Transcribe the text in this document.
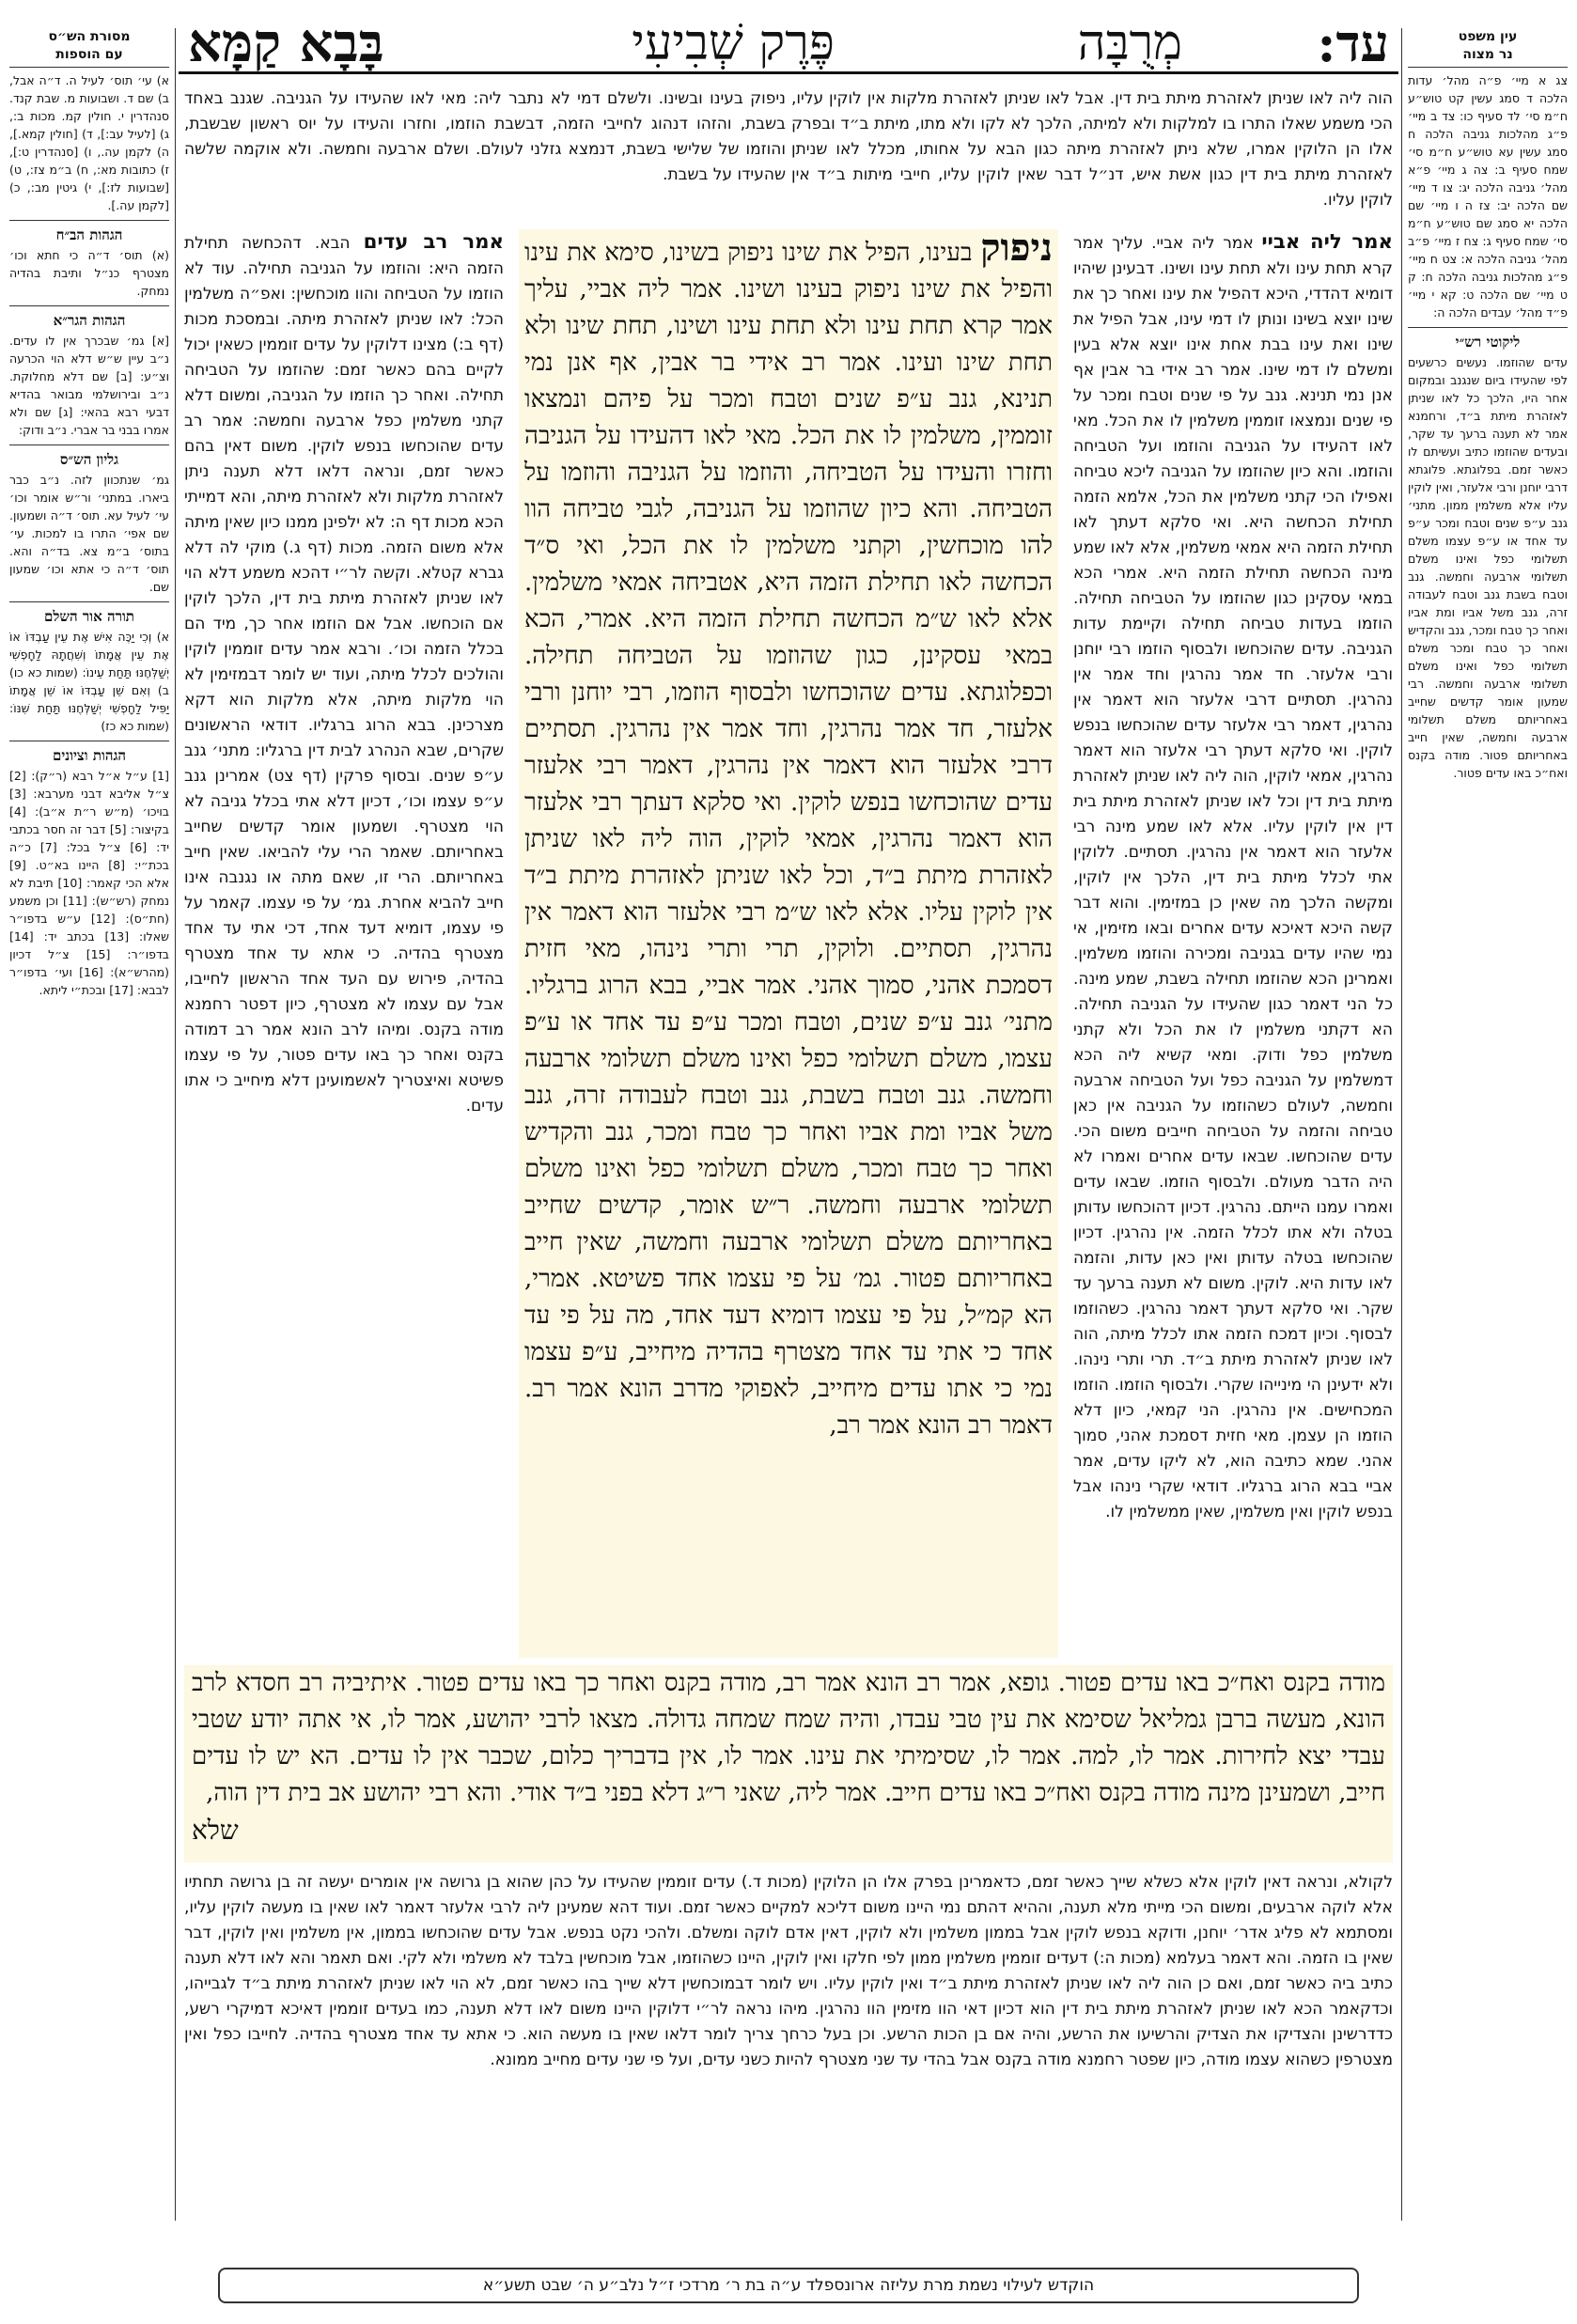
עד:
מְרֻבָּה
פֶּרֶק שְׁבִיעִי
בָּבָא קַמָּא	עין משפט
נר מצוה
צג א מיי׳ פ״ה מהל׳ עדות הלכה ד סמג עשין קט טוש״ע ח״מ סי׳ לד סעיף כו: צד ב מיי׳ פ״ג מהלכות גניבה הלכה ח סמג עשין עא טוש״ע ח״מ סי׳ שמח סעיף ב: צה ג מיי׳ פ״א מהל׳ גניבה הלכה יג: צו ד מיי׳ שם הלכה יב: צז ה ו מיי׳ שם הלכה יא סמג שם טוש״ע ח״מ סי׳ שמח סעיף ג: צח ז מיי׳ פ״ב מהל׳ גניבה הלכה א: צט ח מיי׳ פ״ג מהלכות גניבה הלכה ח: ק ט מיי׳ שם הלכה ט: קא י מיי׳ פ״ד מהל׳ עבדים הלכה ה:
ליקוטי רש״י
עדים שהוזמו. נעשים כרשעים לפי שהעידו ביום שנגנב ובמקום אחר היו, הלכך כל לאו שניתן לאזהרת מיתת ב״ד, ורחמנא אמר לא תענה ברעך עד שקר, ובעדים שהוזמו כתיב ועשיתם לו כאשר זמם. בפלוגתא. פלוגתא דרבי יוחנן ורבי אלעזר, ואין לוקין עליו אלא משלמין ממון. מתני׳ גנב ע״פ שנים וטבח ומכר ע״פ עד אחד או ע״פ עצמו משלם תשלומי כפל ואינו משלם תשלומי ארבעה וחמשה. גנב וטבח בשבת גנב וטבח לעבודה זרה, גנב משל אביו ומת אביו ואחר כך טבח ומכר, גנב והקדיש ואחר כך טבח ומכר משלם תשלומי כפל ואינו משלם תשלומי ארבעה וחמשה. רבי שמעון אומר קדשים שחייב באחריותם משלם תשלומי ארבעה וחמשה, שאין חייב באחריותם פטור. מודה בקנס ואח״כ באו עדים פטור.
מסורת הש״ס
עם הוספות
א) עי׳ תוס׳ לעיל ה. ד״ה אבל, ב) שם ד. ושבועות מ. שבת קנד. סנהדרין י. חולין קמ. מכות ב:, ג) [לעיל עב:], ד) [חולין קמא.], ה) לקמן עה., ו) [סנהדרין ט:], ז) כתובות מא:, ח) ב״מ צז:, ט) [שבועות לז:], י) גיטין מב:, כ) [לקמן עה.].
הגהות הב״ח
(א) תוס׳ ד״ה כי חתא וכו׳ מצטרף כנ״ל ותיבת בהדיה נמחק.
הגהות הגר״א
[א] גמ׳ שבכרך אין לו עדים. נ״ב עיין ש״ש דלא הוי הכרעה וצ״ע: [ב] שם דלא מחלוקת. נ״ב ובירושלמי מבואר בהדיא דבעי רבא בהאי: [ג] שם ולא אמרו בבני בר אברי. נ״ב ודוק:
גליון הש״ס
גמ׳ שנתכוון לזה. נ״ב כבר ביארו. במתני׳ ור״ש אומר וכו׳ עי׳ לעיל עא. תוס׳ ד״ה ושמעון. שם אפי׳ התרו בו למכות. עי׳ בתוס׳ ב״מ צא. בד״ה והא. תוס׳ ד״ה כי אתא וכו׳ שמעון שם.
תורה אור השלם
א) וְכִי יַכֶּה אִישׁ אֶת עֵין עַבְדּוֹ אוֹ אֶת עֵין אֲמָתוֹ וְשִׁחֲתָהּ לַחָפְשִׁי יְשַׁלְּחֶנּוּ תַּחַת עֵינוֹ: (שמות כא כו) ב) וְאִם שֵׁן עַבְדּוֹ אוֹ שֵׁן אֲמָתוֹ יַפִּיל לַחָפְשִׁי יְשַׁלְּחֶנּוּ תַּחַת שִׁנּוֹ: (שמות כא כז)
הגהות וציונים
[1] ע״ל א״ל רבא (ר״ק): [2] צ״ל אליבא דבני מערבא: [3] בויכו׳ (מ״ש ר״ת א״ב): [4] בקיצור: [5] דבר זה חסר בכתבי יד: [6] צ״ל בכל: [7] כ״ה בכת״י: [8] היינו בא״ט. [9] אלא הכי קאמר: [10] תיבת לא נמחק (רש״ש): [11] וכן משמע (חת״ס): [12] ע״ש בדפו״ר שאלו: [13] בכתב יד: [14] בדפו״ר: [15] צ״ל דכיון (מהרש״א): [16] ועי׳ בדפו״ר לבבא: [17] ובכת״י ליתא.
הוה ליה לאו שניתן לאזהרת מיתת בית דין. אבל לאו שניתן לאזהרת מלקות אין לוקין עליו, הכי משמע שאלו התרו בו למלקות ולא למיתה, הלכך לא לקו ולא מתו, מיתת ב״ד ובפרק אלו הן הלוקין אמרו, שלא ניתן לאזהרת מיתה כגון הבא על אחותו, מכלל לאו שניתן לאזהרת מיתת בית דין כגון אשת איש, דנ״ל דבר שאין לוקין עליו, חייבי מיתות ב״ד אין לוקין עליו.
ניפוק בעינו ובשינו. ולשלם דמי לא נתבר ליה: מאי לאו שהעידו על הגניבה. שגנב באחד בשבת, והזהו דנהוג לחייבי הזמה, דבשבת הוזמו, וחזרו והעידו על יוס ראשון שבשבת, והוזמו של שלישי בשבת, דנמצא גזלני לעולם. ושלם ארבעה וחמשה. ולא אוקמה שלשה שהעידו על בשבת.
אמר ליה אביי אמר ליה אביי. עליך אמר קרא תחת עינו ולא תחת עינו ושינו. דבעינן שיהיו דומיא דהדדי, היכא דהפיל את עינו ואחר כך את שינו יוצא בשינו ונותן לו דמי עינו, אבל הפיל את שינו ואת עינו בבת אחת אינו יוצא אלא בעין ומשלם לו דמי שינו. אמר רב אידי בר אבין אף אנן נמי תנינא. גנב על פי שנים וטבח ומכר על פי שנים ונמצאו זוממין משלמין לו את הכל. מאי לאו דהעידו על הגניבה והוזמו ועל הטביחה והוזמו. והא כיון שהוזמו על הגניבה ליכא טביחה ואפילו הכי קתני משלמין את הכל, אלמא הזמה תחילת הכחשה היא. ואי סלקא דעתך לאו תחילת הזמה היא אמאי משלמין, אלא לאו שמע מינה הכחשה תחילת הזמה היא. אמרי הכא במאי עסקינן כגון שהוזמו על הטביחה תחילה. הוזמו בעדות טביחה תחילה וקיימת עדות הגניבה. עדים שהוכחשו ולבסוף הוזמו רבי יוחנן ורבי אלעזר. חד אמר נהרגין וחד אמר אין נהרגין. תסתיים דרבי אלעזר הוא דאמר אין נהרגין, דאמר רבי אלעזר עדים שהוכחשו בנפש לוקין. ואי סלקא דעתך רבי אלעזר הוא דאמר נהרגין, אמאי לוקין, הוה ליה לאו שניתן לאזהרת מיתת בית דין וכל לאו שניתן לאזהרת מיתת בית דין אין לוקין עליו. אלא לאו שמע מינה רבי אלעזר הוא דאמר אין נהרגין. תסתיים. ללוקין אתי לכלל מיתת בית דין, הלכך אין לוקין, ומקשה הלכך מה שאין כן במזימין. והוא דבר קשה היכא דאיכא עדים אחרים ובאו מזימין, אי נמי שהיו עדים בגניבה ומכירה והוזמו משלמין. ואמרינן הכא שהוזמו תחילה בשבת, שמע מינה. כל הני דאמר כגון שהעידו על הגניבה תחילה. הא דקתני משלמין לו את הכל ולא קתני משלמין כפל ודוק. ומאי קשיא ליה הכא דמשלמין על הגניבה כפל ועל הטביחה ארבעה וחמשה, לעולם כשהוזמו על הגניבה אין כאן טביחה והזמה על הטביחה חייבים משום הכי. עדים שהוכחשו. שבאו עדים אחרים ואמרו לא היה הדבר מעולם. ולבסוף הוזמו. שבאו עדים ואמרו עמנו הייתם. נהרגין. דכיון דהוכחשו עדותן בטלה ולא אתו לכלל הזמה. אין נהרגין. דכיון שהוכחשו בטלה עדותן ואין כאן עדות, והזמה לאו עדות היא. לוקין. משום לא תענה ברעך עד שקר. ואי סלקא דעתך דאמר נהרגין. כשהוזמו לבסוף. וכיון דמכח הזמה אתו לכלל מיתה, הוה לאו שניתן לאזהרת מיתת ב״ד. תרי ותרי נינהו. ולא ידעינן הי מינייהו שקרי. ולבסוף הוזמו. הוזמו המכחישים. אין נהרגין. הני קמאי, כיון דלא הוזמו הן עצמן. מאי חזית דסמכת אהני, סמוך אהני. שמא כתיבה הוא, לא ליקו עדים, אמר אביי בבא הרוג ברגליו. דודאי שקרי נינהו אבל בנפש לוקין ואין משלמין, שאין ממשלמין לו.
אמר רב עדים הבא. דהכחשה תחילת הזמה היא: והוזמו על הגניבה תחילה. עוד לא הוזמו על הטביחה והוו מוכחשין: ואפ״ה משלמין הכל: לאו שניתן לאזהרת מיתה. ובמסכת מכות (דף ב:) מצינו דלוקין על עדים זוממין כשאין יכול לקיים בהם כאשר זמם: שהוזמו על הטביחה תחילה. ואחר כך הוזמו על הגניבה, ומשום דלא קתני משלמין כפל ארבעה וחמשה: אמר רב עדים שהוכחשו בנפש לוקין. משום דאין בהם כאשר זמם, ונראה דלאו דלא תענה ניתן לאזהרת מלקות ולא לאזהרת מיתה, והא דמייתי הכא מכות דף ה: לא ילפינן ממנו כיון שאין מיתה אלא משום הזמה. מכות (דף ג.) מוקי לה דלא גברא קטלא. וקשה לר״י דהכא משמע דלא הוי לאו שניתן לאזהרת מיתת בית דין, הלכך לוקין אם הוכחשו. אבל אם הוזמו אחר כך, מיד הם בכלל הזמה וכו׳. ורבא אמר עדים זוממין לוקין והולכים לכלל מיתה, ועוד יש לומר דבמזימין לא הוי מלקות מיתה, אלא מלקות הוא דקא מצרכינן. בבא הרוג ברגליו. דודאי הראשונים שקרים, שבא הנהרג לבית דין ברגליו: מתני׳ גנב ע״פ שנים. ובסוף פרקין (דף צט) אמרינן גנב ע״פ עצמו וכו׳, דכיון דלא אתי בכלל גניבה לא הוי מצטרף. ושמעון אומר קדשים שחייב באחריותם. שאמר הרי עלי להביאו. שאין חייב באחריותם. הרי זו, שאם מתה או נגנבה אינו חייב להביא אחרת. גמ׳ על פי עצמו. קאמר על פי עצמו, דומיא דעד אחד, דכי אתי עד אחד מצטרף בהדיה. כי אתא עד אחד מצטרף בהדיה, פירוש עם העד אחד הראשון לחייבו, אבל עם עצמו לא מצטרף, כיון דפטר רחמנא מודה בקנס. ומיהו לרב הונא אמר רב דמודה בקנס ואחר כך באו עדים פטור, על פי עצמו פשיטא ואיצטריך לאשמועינן דלא מיחייב כי אתו עדים.
ניפוק בעינו, הפיל את שינו ניפוק בשינו, סימא את עינו והפיל את שינו ניפוק בעינו ושינו. אמר ליה אביי, עליך אמר קרא תחת עינו ולא תחת עינו ושינו, תחת שינו ולא תחת שינו ועינו. אמר רב אידי בר אבין, אף אנן נמי תנינא, גנב ע״פ שנים וטבח ומכר על פיהם ונמצאו זוממין, משלמין לו את הכל. מאי לאו דהעידו על הגניבה וחזרו והעידו על הטביחה, והוזמו על הגניבה והוזמו על הטביחה. והא כיון שהוזמו על הגניבה, לגבי טביחה הוו להו מוכחשין, וקתני משלמין לו את הכל, ואי ס״ד הכחשה לאו תחילת הזמה היא, אטביחה אמאי משלמין. אלא לאו ש״מ הכחשה תחילת הזמה היא. אמרי, הכא במאי עסקינן, כגון שהוזמו על הטביחה תחילה. וכפלוגתא. עדים שהוכחשו ולבסוף הוזמו, רבי יוחנן ורבי אלעזר, חד אמר נהרגין, וחד אמר אין נהרגין. תסתיים דרבי אלעזר הוא דאמר אין נהרגין, דאמר רבי אלעזר עדים שהוכחשו בנפש לוקין. ואי סלקא דעתך רבי אלעזר הוא דאמר נהרגין, אמאי לוקין, הוה ליה לאו שניתן לאזהרת מיתת ב״ד, וכל לאו שניתן לאזהרת מיתת ב״ד אין לוקין עליו. אלא לאו ש״מ רבי אלעזר הוא דאמר אין נהרגין, תסתיים. ולוקין, תרי ותרי נינהו, מאי חזית דסמכת אהני, סמוך אהני. אמר אביי, בבא הרוג ברגליו. מתני׳ גנב ע״פ שנים, וטבח ומכר ע״פ עד אחד או ע״פ עצמו, משלם תשלומי כפל ואינו משלם תשלומי ארבעה וחמשה. גנב וטבח בשבת, גנב וטבח לעבודה זרה, גנב משל אביו ומת אביו ואחר כך טבח ומכר, גנב והקדיש ואחר כך טבח ומכר, משלם תשלומי כפל ואינו משלם תשלומי ארבעה וחמשה. ר״ש אומר, קדשים שחייב באחריותם משלם תשלומי ארבעה וחמשה, שאין חייב באחריותם פטור. גמ׳ על פי עצמו אחד פשיטא. אמרי, הא קמ״ל, על פי עצמו דומיא דעד אחד, מה על פי עד אחד כי אתי עד אחד מצטרף בהדיה מיחייב, ע״פ עצמו נמי כי אתו עדים מיחייב, לאפוקי מדרב הונא אמר רב. דאמר רב הונא אמר רב,
מודה בקנס ואח״כ באו עדים פטור. גופא, אמר רב הונא אמר רב, מודה בקנס ואחר כך באו עדים פטור. איתיביה רב חסדא לרב הונא, מעשה ברבן גמליאל שסימא את עין טבי עבדו, והיה שמח שמחה גדולה. מצאו לרבי יהושע, אמר לו, אי אתה יודע שטבי עבדי יצא לחירות. אמר לו, למה. אמר לו, שסימיתי את עינו. אמר לו, אין בדבריך כלום, שכבר אין לו עדים. הא יש לו עדים חייב, ושמעינן מינה מודה בקנס ואח״כ באו עדים חייב. אמר ליה, שאני ר״ג דלא בפני ב״ד אודי. והא רבי יהושע אב בית דין הוה,
שלא
לקולא, ונראה דאין לוקין אלא כשלא שייך כאשר זמם, כדאמרינן בפרק אלו הן הלוקין (מכות ד.) עדים זוממין שהעידו על כהן שהוא בן גרושה אין אומרים יעשה זה בן גרושה תחתיו אלא לוקה ארבעים, ומשום הכי מייתי מלא תענה, וההיא דהתם נמי היינו משום דליכא למקיים כאשר זמם. ועוד דהא שמעינן ליה לרבי אלעזר דאמר לאו שאין בו מעשה לוקין עליו, ומסתמא לא פליג אדר׳ יוחנן, ודוקא בנפש לוקין אבל בממון משלמין ולא לוקין, דאין אדם לוקה ומשלם. ולהכי נקט בנפש. אבל עדים שהוכחשו בממון, אין משלמין ואין לוקין, דבר שאין בו הזמה. והא דאמר בעלמא (מכות ה:) דעדים זוממין משלמין ממון לפי חלקו ואין לוקין, היינו כשהוזמו, אבל מוכחשין בלבד לא משלמי ולא לקי. ואם תאמר והא לאו דלא תענה כתיב ביה כאשר זמם, ואם כן הוה ליה לאו שניתן לאזהרת מיתת ב״ד ואין לוקין עליו. ויש לומר דבמוכחשין דלא שייך בהו כאשר זמם, לא הוי לאו שניתן לאזהרת מיתת ב״ד לגבייהו, וכדקאמר הכא לאו שניתן לאזהרת מיתת בית דין הוא דכיון דאי הוו מזימין הוו נהרגין. מיהו נראה לר״י דלוקין היינו משום לאו דלא תענה, כמו בעדים זוממין דאיכא דמיקרי רשע, כדדרשינן והצדיקו את הצדיק והרשיעו את הרשע, והיה אם בן הכות הרשע. וכן בעל כרחך צריך לומר דלאו שאין בו מעשה הוא. כי אתא עד אחד מצטרף בהדיה. לחייבו כפל ואין מצטרפין כשהוא עצמו מודה, כיון שפטר רחמנא מודה בקנס אבל בהדי עד שני מצטרף להיות כשני עדים, ועל פי שני עדים מחייב ממונא.
הוקדש לעילוי נשמת מרת עליזה ארונספלד ע״ה בת ר׳ מרדכי ז״ל נלב״ע ה׳ שבט תשע״א
